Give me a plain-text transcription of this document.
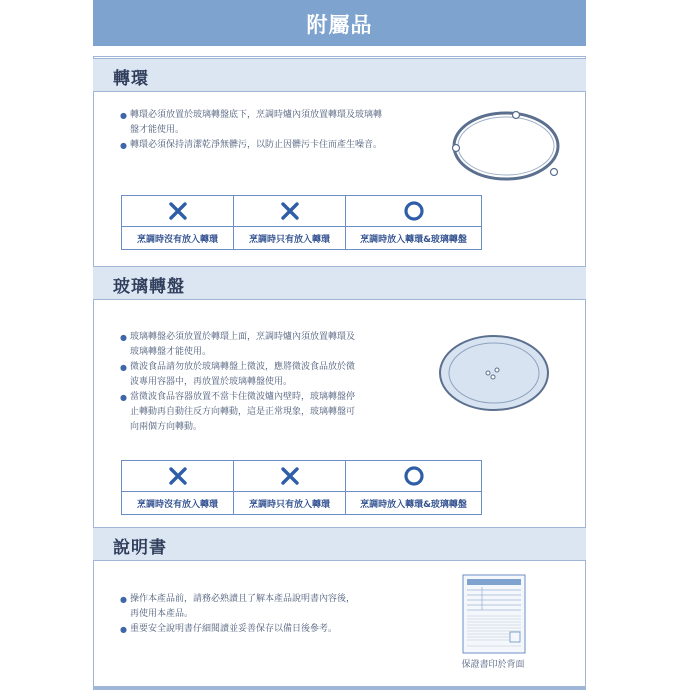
附屬品
轉環
● 轉環必須放置於玻璃轉盤底下，烹調時爐內須放置轉環及玻璃轉
盤才能使用。
● 轉環必須保持清潔乾淨無髒污，以防止因髒污卡住而產生噪音。
烹調時沒有放入轉環	烹調時只有放入轉環	烹調時放入轉環&玻璃轉盤
玻璃轉盤
● 玻璃轉盤必須放置於轉環上面，烹調時爐內須放置轉環及
玻璃轉盤才能使用。
● 微波食品請勿放於玻璃轉盤上微波，應將微波食品放於微
波專用容器中，再放置於玻璃轉盤使用。
● 當微波食品容器放置不當卡住微波爐內壁時，玻璃轉盤停
止轉動再自動往反方向轉動，這是正常現象，玻璃轉盤可
向兩個方向轉動。
烹調時沒有放入轉環	烹調時只有放入轉環	烹調時放入轉環&玻璃轉盤
說明書
● 操作本產品前，請務必熟讀且了解本產品說明書內容後，
再使用本產品。
● 重要安全說明書仔細閱讀並妥善保存以備日後參考。
保證書印於背面
